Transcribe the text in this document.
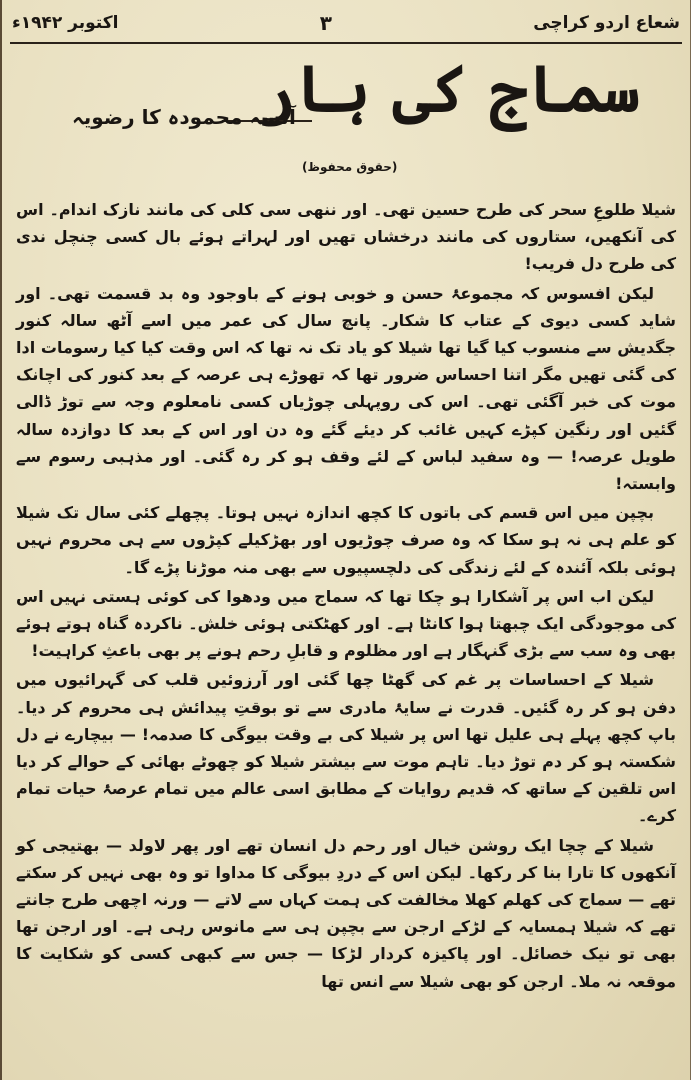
شعاع اردو کراچی
٣
اکتوبر ۱۹۴۲ء
سماج کی ہار
آنسہ محمودہ کا رضویہ
(حقوق محفوظ)

شیلا طلوعِ سحر کی طرح حسین تھی۔ اور ننھی سی کلی کی مانند نازک اندام۔ اس کی آنکھیں، ستاروں کی مانند درخشاں تھیں اور لہراتے ہوئے بال کسی چنچل ندی کی طرح دل فریب!

لیکن افسوس کہ مجموعۂ حسن و خوبی ہونے کے باوجود وہ بد قسمت تھی۔ اور شاید کسی دیوی کے عتاب کا شکار۔ پانچ سال کی عمر میں اسے آٹھ سالہ کنور جگدیش سے منسوب کیا گیا تھا شیلا کو یاد تک نہ تھا کہ اس وقت کیا کیا رسومات ادا کی گئی تھیں مگر اتنا احساس ضرور تھا کہ تھوڑے ہی عرصہ کے بعد کنور کی اچانک موت کی خبر آگئی تھی۔ اس کی روپہلی چوڑیاں کسی نامعلوم وجہ سے توڑ ڈالی گئیں اور رنگین کپڑے کہیں غائب کر دیئے گئے وہ دن اور اس کے بعد کا دوازدہ سالہ طویل عرصہ! — وہ سفید لباس کے لئے وقف ہو کر رہ گئی۔ اور مذہبی رسوم سے وابستہ!

بچپن میں اس قسم کی باتوں کا کچھ اندازہ نہیں ہوتا۔ پچھلے کئی سال تک شیلا کو علم ہی نہ ہو سکا کہ وہ صرف چوڑیوں اور بھڑکیلے کپڑوں سے ہی محروم نہیں ہوئی بلکہ آئندہ کے لئے زندگی کی دلچسپیوں سے بھی منہ موڑنا پڑے گا۔

لیکن اب اس پر آشکارا ہو چکا تھا کہ سماج میں ودھوا کی کوئی ہستی نہیں اس کی موجودگی ایک چبھتا ہوا کانٹا ہے۔ اور کھٹکتی ہوئی خلش۔ ناکردہ گناہ ہوتے ہوئے بھی وہ سب سے بڑی گنہگار ہے اور مظلوم و قابلِ رحم ہونے پر بھی باعثِ کراہیت!

شیلا کے احساسات پر غم کی گھٹا چھا گئی اور آرزوئیں قلب کی گہرائیوں میں دفن ہو کر رہ گئیں۔ قدرت نے سایۂ مادری سے تو بوقتِ پیدائش ہی محروم کر دیا۔ باپ کچھ پہلے ہی علیل تھا اس پر شیلا کی بے وقت بیوگی کا صدمہ! — بیچارے نے دل شکستہ ہو کر دم توڑ دیا۔ تاہم موت سے بیشتر شیلا کو چھوٹے بھائی کے حوالے کر دیا اس تلقین کے ساتھ کہ قدیم روایات کے مطابق اسی عالم میں تمام عرصۂ حیات تمام کرے۔

شیلا کے چچا ایک روشن خیال اور رحم دل انسان تھے اور پھر لاولد — بھتیجی کو آنکھوں کا تارا بنا کر رکھا۔ لیکن اس کے دردِ بیوگی کا مداوا تو وہ بھی نہیں کر سکتے تھے — سماج کی کھلم کھلا مخالفت کی ہمت کہاں سے لاتے — ورنہ اچھی طرح جانتے تھے کہ شیلا ہمسایہ کے لڑکے ارجن سے بچپن ہی سے مانوس رہی ہے۔ اور ارجن تھا بھی تو نیک خصائل۔ اور پاکیزہ کردار لڑکا — جس سے کبھی کسی کو شکایت کا موقعہ نہ ملا۔ ارجن کو بھی شیلا سے انس تھا
